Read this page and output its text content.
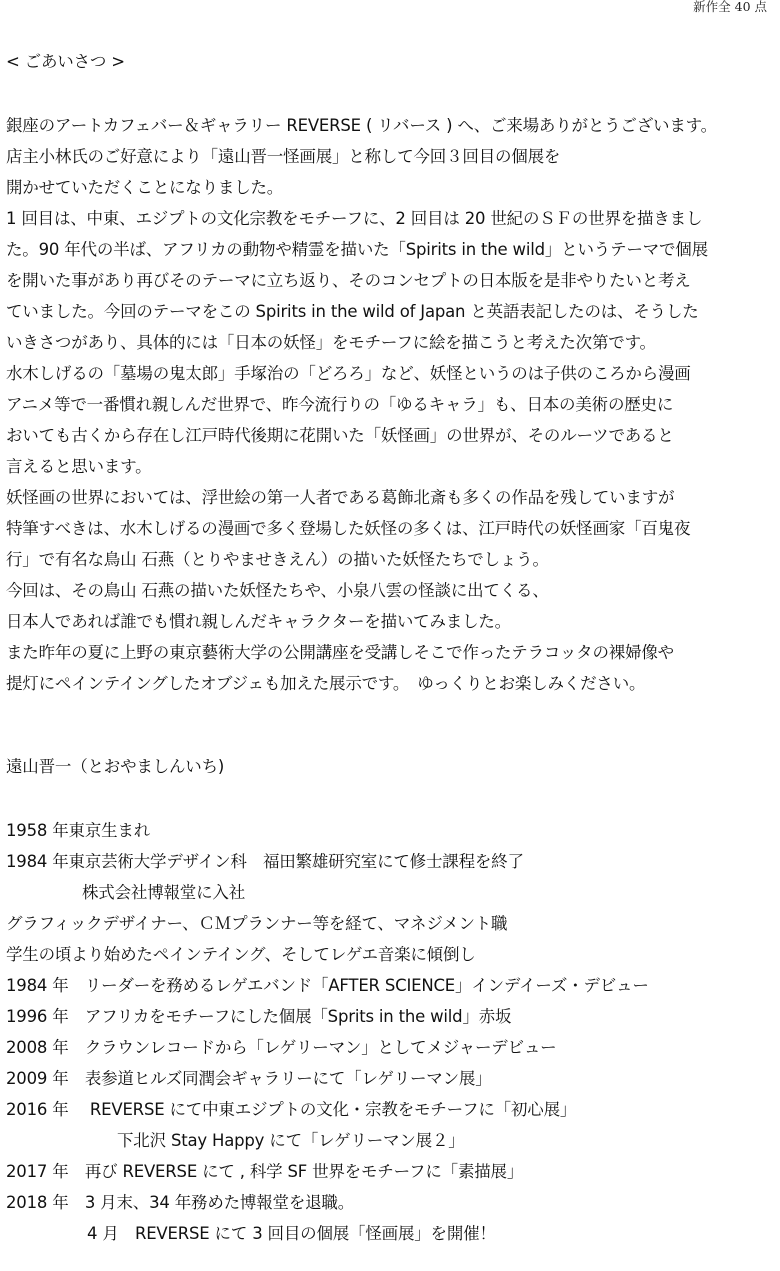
新作全 40 点
< ごあいさつ >
銀座のアートカフェバー＆ギャラリー REVERSE ( リバース ) へ、ご来場ありがとうございます。
店主小林氏のご好意により「遠山晋一怪画展」と称して今回３回目の個展を
開かせていただくことになりました。
1 回目は、中東、エジプトの文化宗教をモチーフに、2 回目は 20 世紀のＳＦの世界を描きまし
た。90 年代の半ば、アフリカの動物や精霊を描いた「Spirits in the wild」というテーマで個展
を開いた事があり再びそのテーマに立ち返り、そのコンセプトの日本版を是非やりたいと考え
ていました。今回のテーマをこの Spirits in the wild of Japan と英語表記したのは、そうした
いきさつがあり、具体的には「日本の妖怪」をモチーフに絵を描こうと考えた次第です。
水木しげるの「墓場の鬼太郎」手塚治の「どろろ」など、妖怪というのは子供のころから漫画
アニメ等で一番慣れ親しんだ世界で、昨今流行りの「ゆるキャラ」も、日本の美術の歴史に
おいても古くから存在し江戸時代後期に花開いた「妖怪画」の世界が、そのルーツであると
言えると思います。
妖怪画の世界においては、浮世絵の第一人者である葛飾北斎も多くの作品を残していますが
特筆すべきは、水木しげるの漫画で多く登場した妖怪の多くは、江戸時代の妖怪画家「百鬼夜
行」で有名な鳥山 石燕（とりやませきえん）の描いた妖怪たちでしょう。
今回は、その鳥山 石燕の描いた妖怪たちや、小泉八雲の怪談に出てくる、
日本人であれば誰でも慣れ親しんだキャラクターを描いてみました。
また昨年の夏に上野の東京藝術大学の公開講座を受講しそこで作ったテラコッタの裸婦像や
提灯にペインテイングしたオブジェも加えた展示です。　ゆっくりとお楽しみください。
遠山晋一（とおやましんいち)
1958 年東京生まれ
1984 年東京芸術大学デザイン科　福田繁雄研究室にて修士課程を終了
株式会社博報堂に入社
グラフィックデザイナー、ＣＭプランナー等を経て、マネジメント職
学生の頃より始めたペインテイング、そしてレゲエ音楽に傾倒し
1984 年　リーダーを務めるレゲエバンド「AFTER SCIENCE」インデイーズ・デビュー
1996 年　アフリカをモチーフにした個展「Sprits in the wild」赤坂
2008 年　クラウンレコードから「レゲリーマン」としてメジャーデビュー
2009 年　表参道ヒルズ同潤会ギャラリーにて「レゲリーマン展」
2016 年　 REVERSE にて中東エジプトの文化・宗教をモチーフに「初心展」
下北沢 Stay Happy にて「レゲリーマン展２」
2017 年　再び REVERSE にて , 科学 SF 世界をモチーフに「素描展」
2018 年　3 月末、34 年務めた博報堂を退職。
4 月　REVERSE にて 3 回目の個展「怪画展」を開催！
